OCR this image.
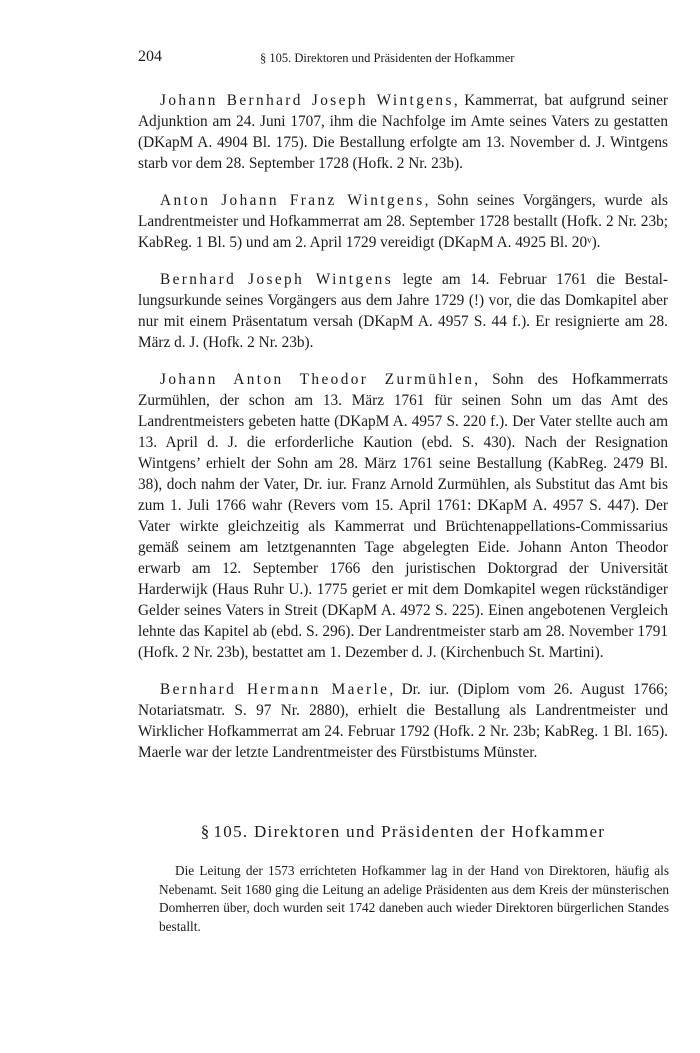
204	§ 105. Direktoren und Präsidenten der Hofkammer

Johann Bernhard Joseph Wintgens, Kammerrat, bat aufgrund seiner Adjunktion am 24. Juni 1707, ihm die Nachfolge im Amte seines Vaters zu gestatten (DKapM A. 4904 Bl. 175). Die Bestallung erfolgte am 13. November d. J. Wintgens starb vor dem 28. September 1728 (Hofk. 2 Nr. 23b).

Anton Johann Franz Wintgens, Sohn seines Vorgängers, wurde als Landrentmeister und Hofkammerrat am 28. September 1728 bestallt (Hofk. 2 Nr. 23b; KabReg. 1 Bl. 5) und am 2. April 1729 vereidigt (DKapM A. 4925 Bl. 20ᵛ).

Bernhard Joseph Wintgens legte am 14. Februar 1761 die Bestallungsurkunde seines Vorgängers aus dem Jahre 1729 (!) vor, die das Domkapitel aber nur mit einem Präsentatum versah (DKapM A. 4957 S. 44 f.). Er resignierte am 28. März d. J. (Hofk. 2 Nr. 23b).

Johann Anton Theodor Zurmühlen, Sohn des Hofkammerrats Zurmühlen, der schon am 13. März 1761 für seinen Sohn um das Amt des Landrentmeisters gebeten hatte (DKapM A. 4957 S. 220 f.). Der Vater stellte auch am 13. April d. J. die erforderliche Kaution (ebd. S. 430). Nach der Resignation Wintgens’ erhielt der Sohn am 28. März 1761 seine Bestallung (KabReg. 2479 Bl. 38), doch nahm der Vater, Dr. iur. Franz Arnold Zurmühlen, als Substitut das Amt bis zum 1. Juli 1766 wahr (Revers vom 15. April 1761: DKapM A. 4957 S. 447). Der Vater wirkte gleichzeitig als Kammerrat und Brüchtenappellations-Commissarius gemäß seinem am letztgenannten Tage abgelegten Eide. Johann Anton Theodor erwarb am 12. September 1766 den juristischen Doktorgrad der Universität Harderwijk (Haus Ruhr U.). 1775 geriet er mit dem Domkapitel wegen rückständiger Gelder seines Vaters in Streit (DKapM A. 4972 S. 225). Einen angebotenen Vergleich lehnte das Kapitel ab (ebd. S. 296). Der Landrentmeister starb am 28. November 1791 (Hofk. 2 Nr. 23b), bestattet am 1. Dezember d. J. (Kirchenbuch St. Martini).

Bernhard Hermann Maerle, Dr. iur. (Diplom vom 26. August 1766; Notariatsmatr. S. 97 Nr. 2880), erhielt die Bestallung als Landrentmeister und Wirklicher Hofkammerrat am 24. Februar 1792 (Hofk. 2 Nr. 23b; KabReg. 1 Bl. 165). Maerle war der letzte Landrentmeister des Fürstbistums Münster.

§ 105. Direktoren und Präsidenten der Hofkammer

Die Leitung der 1573 errichteten Hofkammer lag in der Hand von Direktoren, häufig als Nebenamt. Seit 1680 ging die Leitung an adelige Präsidenten aus dem Kreis der münsterischen Domherren über, doch wurden seit 1742 daneben auch wieder Direktoren bürgerlichen Standes bestallt.
